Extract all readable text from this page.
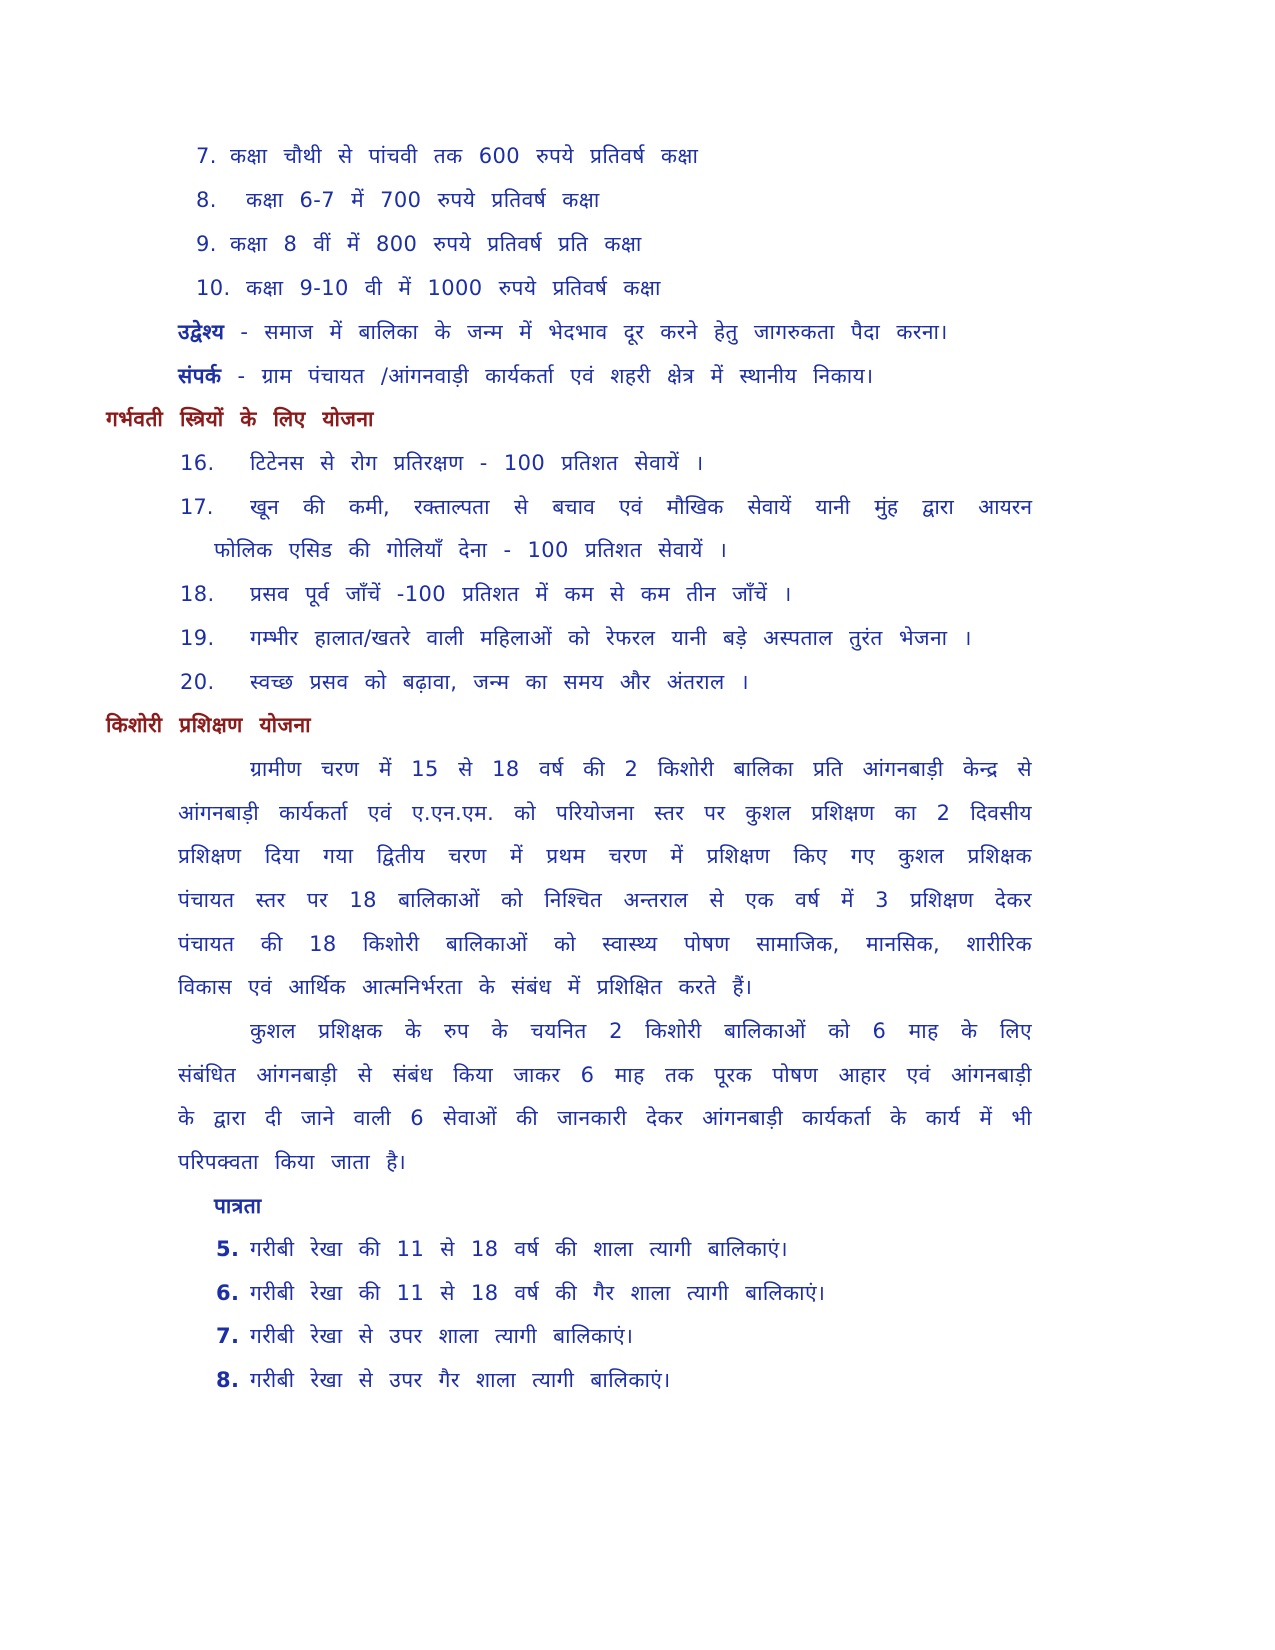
7. कक्षा चौथी से पांचवी तक 600 रुपये प्रतिवर्ष कक्षा
8. कक्षा 6-7 में 700 रुपये प्रतिवर्ष कक्षा
9. कक्षा 8 वीं में 800 रुपये प्रतिवर्ष प्रति कक्षा
10. कक्षा 9-10 वी में 1000 रुपये प्रतिवर्ष कक्षा
उद्वेश्य - समाज में बालिका के जन्म में भेदभाव दूर करने हेतु जागरुकता पैदा करना।
संपर्क - ग्राम पंचायत /आंगनवाड़ी कार्यकर्ता एवं शहरी क्षेत्र में स्थानीय निकाय।
गर्भवती स्त्रियों के लिए योजना
16. टिटेनस से रोग प्रतिरक्षण - 100 प्रतिशत सेवायें ।
17.	खून की कमी, रक्ताल्पता से बचाव एवं मौखिक सेवायें यानी मुंह द्वारा आयरन
फोलिक एसिड की गोलियॉं देना - 100 प्रतिशत सेवायें ।
18. प्रसव पूर्व जॉंचें -100 प्रतिशत में कम से कम तीन जॉंचें ।
19. गम्भीर हालात/खतरे वाली महिलाओं को रेफरल यानी बड़े अस्पताल तुरंत भेजना ।
20. स्वच्छ प्रसव को बढ़ावा, जन्म का समय और अंतराल ।
किशोरी प्रशिक्षण योजना
ग्रामीण चरण में 15 से 18 वर्ष की 2 किशोरी बालिका प्रति आंगनबाड़ी केन्द्र से
आंगनबाड़ी कार्यकर्ता एवं ए.एन.एम. को परियोजना स्तर पर कुशल प्रशिक्षण का 2 दिवसीय
प्रशिक्षण दिया गया द्वितीय चरण में प्रथम चरण में प्रशिक्षण किए गए कुशल प्रशिक्षक
पंचायत स्तर पर 18 बालिकाओं को निश्चित अन्तराल से एक वर्ष में 3 प्रशिक्षण देकर
पंचायत की 18 किशोरी बालिकाओं को स्वास्थ्य पोषण सामाजिक, मानसिक, शारीरिक
विकास एवं आर्थिक आत्मनिर्भरता के संबंध में प्रशिक्षित करते हैं।
कुशल प्रशिक्षक के रुप के चयनित 2 किशोरी बालिकाओं को 6 माह के लिए
संबंधित आंगनबाड़ी से संबंध किया जाकर 6 माह तक पूरक पोषण आहार एवं आंगनबाड़ी
के द्वारा दी जाने वाली 6 सेवाओं की जानकारी देकर आंगनबाड़ी कार्यकर्ता के कार्य में भी
परिपक्वता किया जाता है।
पात्रता
5. गरीबी रेखा की 11 से 18 वर्ष की शाला त्यागी बालिकाएं।
6. गरीबी रेखा की 11 से 18 वर्ष की गैर शाला त्यागी बालिकाएं।
7. गरीबी रेखा से उपर शाला त्यागी बालिकाएं।
8. गरीबी रेखा से उपर गैर शाला त्यागी बालिकाएं।
